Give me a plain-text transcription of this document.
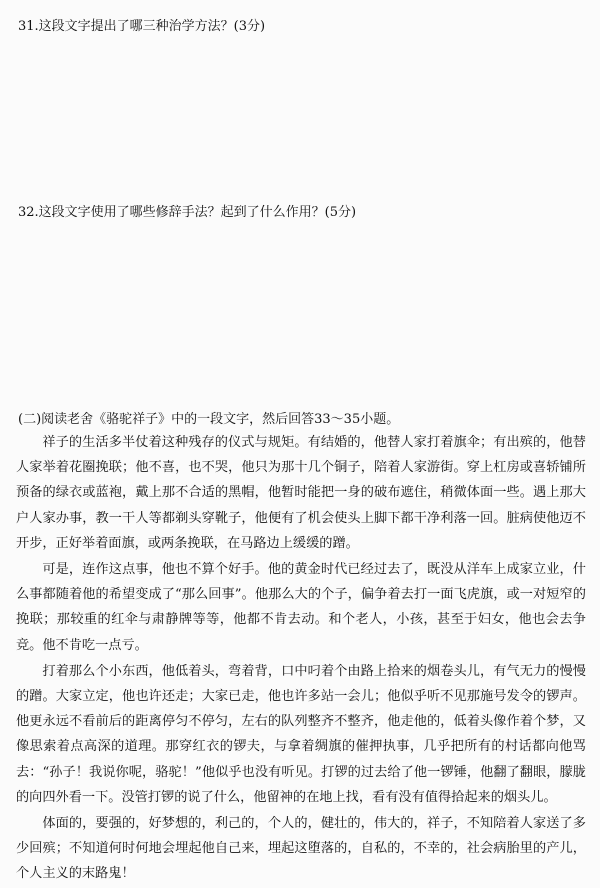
31.这段文字提出了哪三种治学方法？(3分)

32.这段文字使用了哪些修辞手法？起到了什么作用？(5分)

(二)阅读老舍《骆驼祥子》中的一段文字，然后回答33～35小题。

祥子的生活多半仗着这种残存的仪式与规矩。有结婚的，他替人家打着旗伞；有出殡的，他替人家举着花圈挽联；他不喜，也不哭，他只为那十几个铜子，陪着人家游街。穿上杠房或喜轿铺所预备的绿衣或蓝袍，戴上那不合适的黑帽，他暂时能把一身的破布遮住，稍微体面一些。遇上那大户人家办事，教一干人等都剃头穿靴子，他便有了机会使头上脚下都干净利落一回。脏病使他迈不开步，正好举着面旗，或两条挽联，在马路边上缓缓的蹭。

可是，连作这点事，他也不算个好手。他的黄金时代已经过去了，既没从洋车上成家立业，什么事都随着他的希望变成了“那么回事”。他那么大的个子，偏争着去打一面飞虎旗，或一对短窄的挽联；那较重的红伞与肃静牌等等，他都不肯去动。和个老人，小孩，甚至于妇女，他也会去争竞。他不肯吃一点亏。

打着那么个小东西，他低着头，弯着背，口中叼着个由路上拾来的烟卷头儿，有气无力的慢慢的蹭。大家立定，他也许还走；大家已走，他也许多站一会儿；他似乎听不见那施号发令的锣声。他更永远不看前后的距离停匀不停匀，左右的队列整齐不整齐，他走他的，低着头像作着个梦，又像思索着点高深的道理。那穿红衣的锣夫，与拿着绸旗的催押执事，几乎把所有的村话都向他骂去：“孙子！我说你呢，骆驼！”他似乎也没有听见。打锣的过去给了他一锣锤，他翻了翻眼，朦胧的向四外看一下。没管打锣的说了什么，他留神的在地上找，看有没有值得拾起来的烟头儿。

体面的，要强的，好梦想的，利己的，个人的，健壮的，伟大的，祥子，不知陪着人家送了多少回殡；不知道何时何地会埋起他自己来，埋起这堕落的，自私的，不幸的，社会病胎里的产儿，个人主义的末路鬼！
